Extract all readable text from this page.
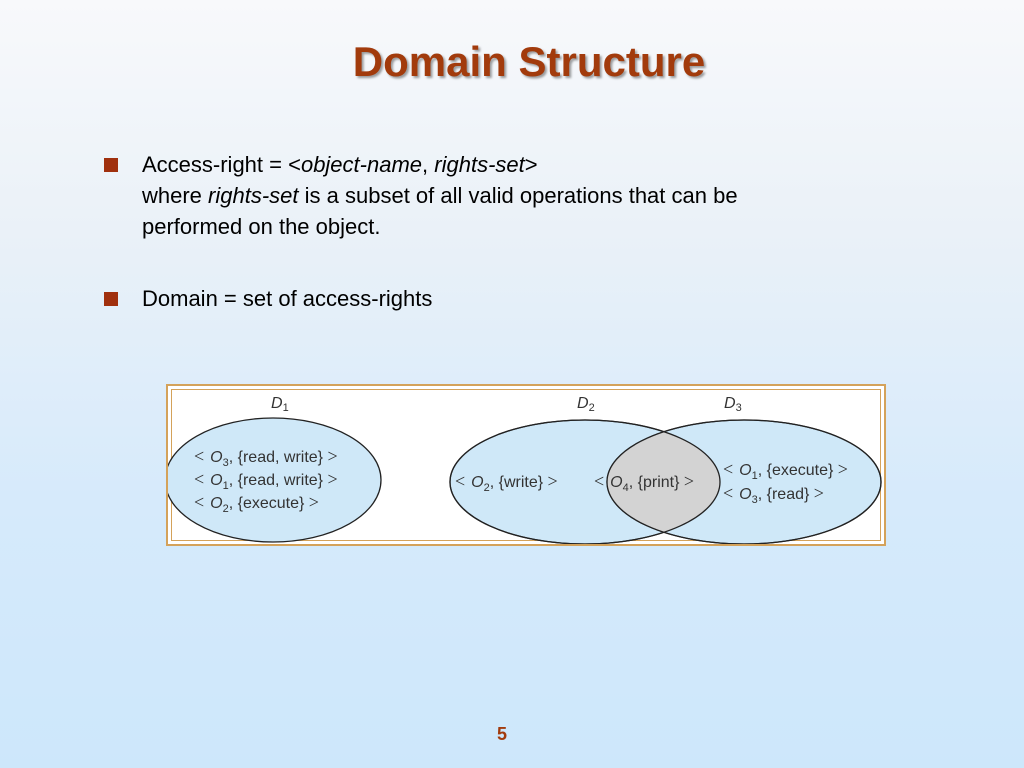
Domain Structure

Access-right = <object-name, rights-set>

where rights-set is a subset of all valid operations that can be

performed on the object.

Domain = set of access-rights

D1	D2	D3
< $O_3$, {read, write} >
< $O_1$, {read, write} >
< $O_2$, {execute} >
< $O_2$, {write} > < $O_4$, {print} >
< $O_1$, {execute} >
< $O_3$, {read} >
5
